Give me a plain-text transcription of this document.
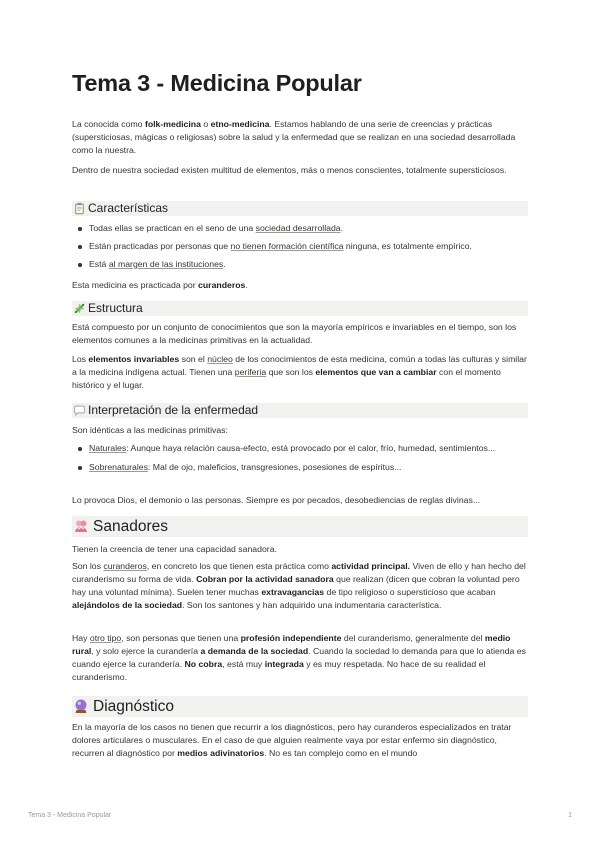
Tema 3 - Medicina Popular

La conocida como folk-medicina o etno-medicina. Estamos hablando de una serie de creencias y prácticas (supersticiosas, mágicas o religiosas) sobre la salud y la enfermedad que se realizan en una sociedad desarrollada como la nuestra.

Dentro de nuestra sociedad existen multitud de elementos, más o menos conscientes, totalmente supersticiosos.

Características
Todas ellas se practican en el seno de una sociedad desarrollada.
Están practicadas por personas que no tienen formación científica ninguna, es totalmente empírico.
Está al margen de las instituciones.

Esta medicina es practicada por curanderos.

Estructura

Está compuesto por un conjunto de conocimientos que son la mayoría empíricos e invariables en el tiempo, son los elementos comunes a la medicinas primitivas en la actualidad.

Los elementos invariables son el núcleo de los conocimientos de esta medicina, común a todas las culturas y similar a la medicina indígena actual. Tienen una periferia que son los elementos que van a cambiar con el momento histórico y el lugar.

Interpretación de la enfermedad

Son idénticas a las medicinas primitivas:

Naturales: Aunque haya relación causa-efecto, está provocado por el calor, frío, humedad, sentimientos...
Sobrenaturales: Mal de ojo, maleficios, transgresiones, posesiones de espíritus...

Lo provoca Dios, el demonio o las personas. Siempre es por pecados, desobediencias de reglas divinas...

Sanadores

Tienen la creencia de tener una capacidad sanadora.

Son los curanderos, en concreto los que tienen esta práctica como actividad principal. Viven de ello y han hecho del curanderismo su forma de vida. Cobran por la actividad sanadora que realizan (dicen que cobran la voluntad pero hay una voluntad mínima). Suelen tener muchas extravagancias de tipo religioso o supersticioso que acaban alejándolos de la sociedad. Son los santones y han adquirido una indumentaria característica.

Hay otro tipo, son personas que tienen una profesión independiente del curanderismo, generalmente del medio rural, y solo ejerce la curandería a demanda de la sociedad. Cuando la sociedad lo demanda para que lo atienda es cuando ejerce la curandería. No cobra, está muy integrada y es muy respetada. No hace de su realidad el curanderismo.

Diagnóstico

En la mayoría de los casos no tienen que recurrir a los diagnósticos, pero hay curanderos especializados en tratar dolores articulares o musculares. En el caso de que alguien realmente vaya por estar enfermo sin diagnóstico, recurren al diagnóstico por medios adivinatorios. No es tan complejo como en el mundo

Tema 3 - Medicina Popular	1
